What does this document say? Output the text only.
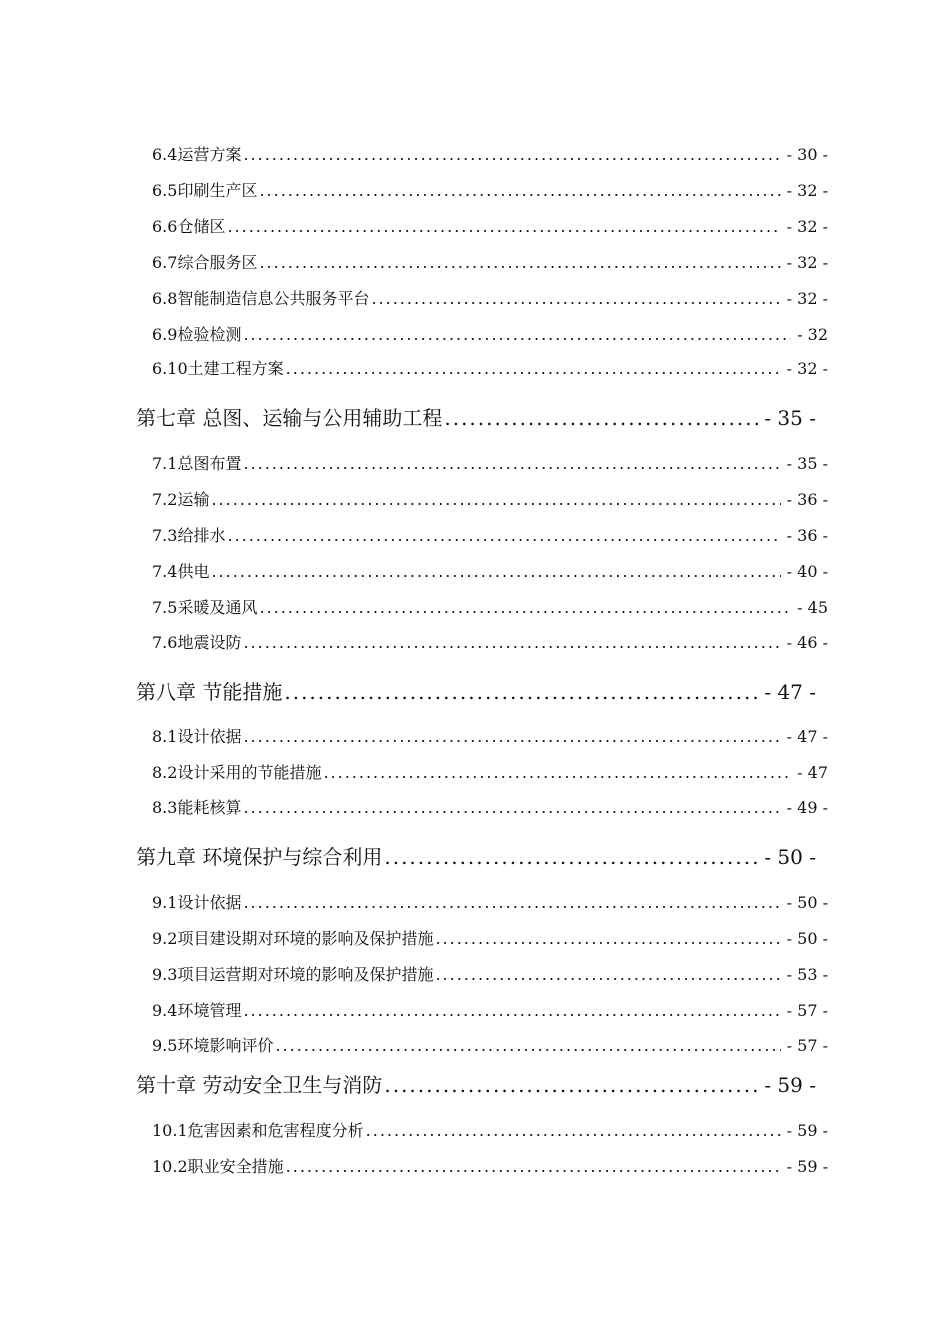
6.4运营方案 .....	- 30 -
6.5印刷生产区 .....	- 32 -
6.6仓储区 .....	- 32 -
6.7综合服务区 .....	- 32 -
6.8智能制造信息公共服务平台 .....	- 32 -
6.9检验检测 .....	- 32
6.10土建工程方案 .....	- 32 -
第七章 总图、运输与公用辅助工程 .....	- 35 -
7.1总图布置 .....	- 35 -
7.2运输 .....	- 36 -
7.3给排水 .....	- 36 -
7.4供电 .....	- 40 -
7.5采暖及通风 .....	- 45
7.6地震设防 .....	- 46 -
第八章 节能措施 .....	- 47 -
8.1设计依据 .....	- 47 -
8.2设计采用的节能措施 .....	- 47
8.3能耗核算 .....	- 49 -
第九章 环境保护与综合利用 .....	- 50 -
9.1设计依据 .....	- 50 -
9.2项目建设期对环境的影响及保护措施 .....	- 50 -
9.3项目运营期对环境的影响及保护措施 .....	- 53 -
9.4环境管理 .....	- 57 -
9.5环境影响评价 .....	- 57 -
第十章 劳动安全卫生与消防 .....	- 59 -
10.1危害因素和危害程度分析 .....	- 59 -
10.2职业安全措施 .....	- 59 -
